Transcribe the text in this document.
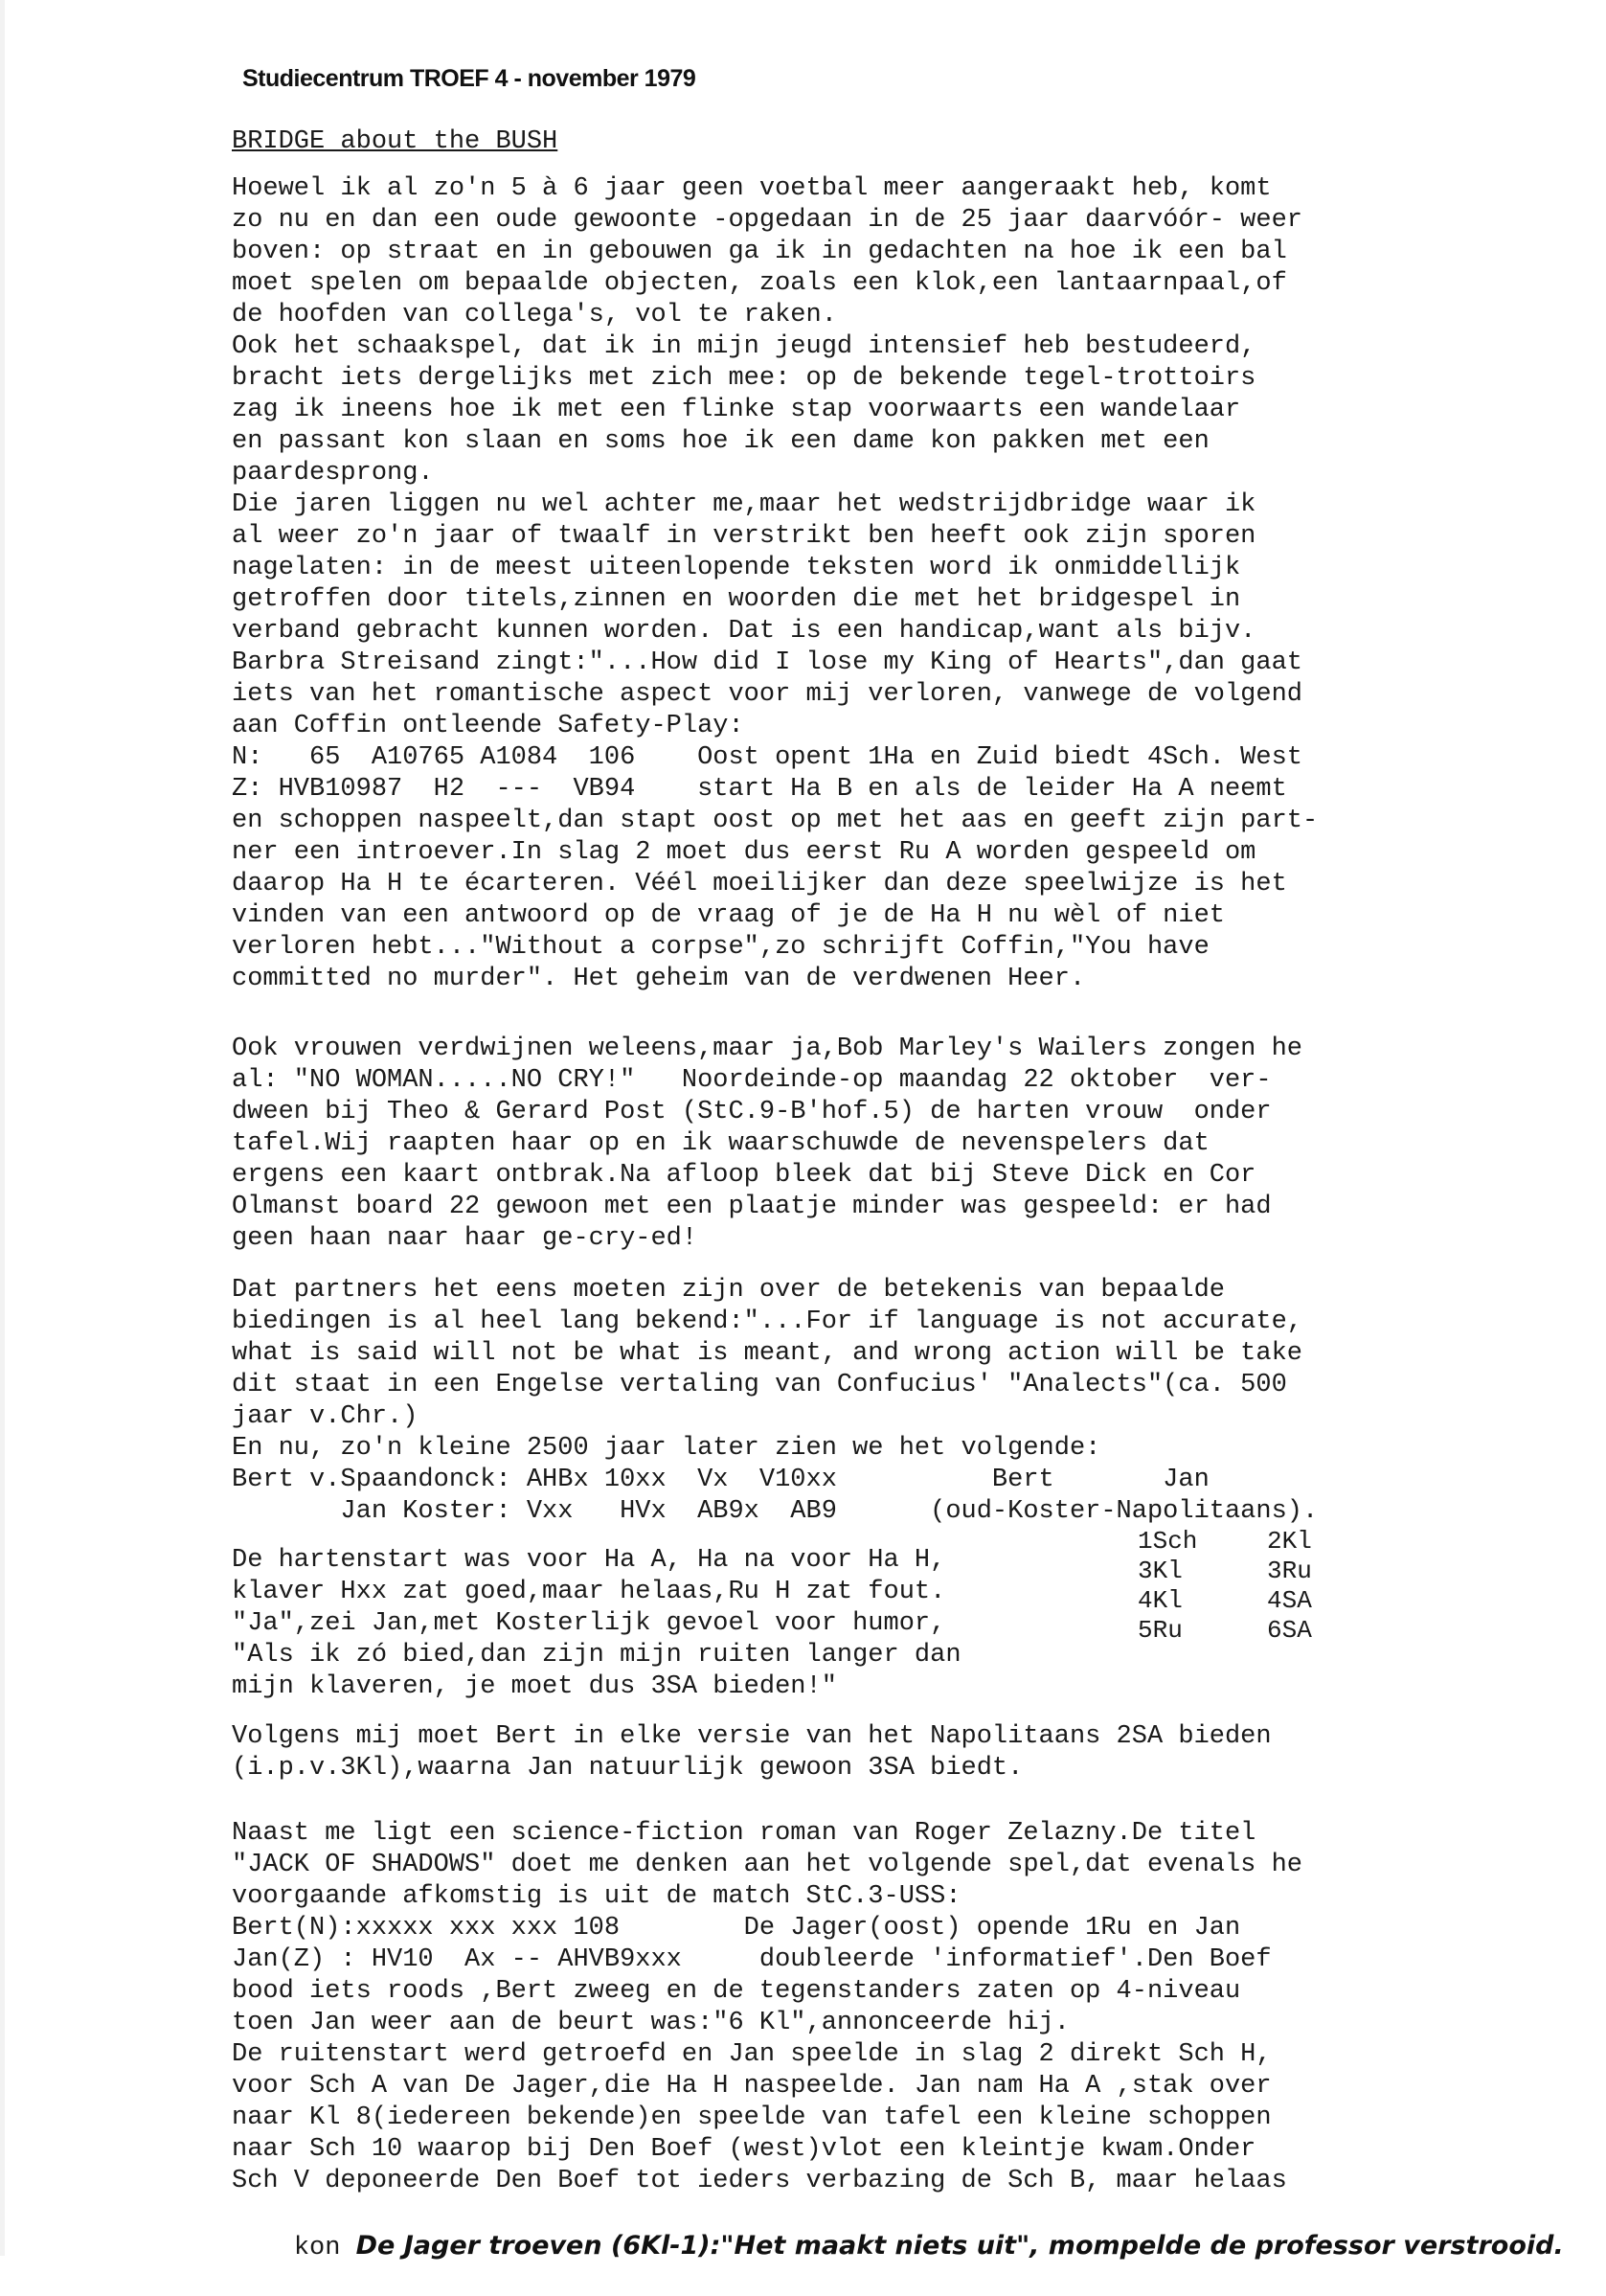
Studiecentrum TROEF 4 - november 1979
BRIDGE about the BUSH
Hoewel ik al zo'n 5 à 6 jaar geen voetbal meer aangeraakt heb, komt
zo nu en dan een oude gewoonte -opgedaan in de 25 jaar daarvóór- weer
boven: op straat en in gebouwen ga ik in gedachten na hoe ik een bal
moet spelen om bepaalde objecten, zoals een klok,een lantaarnpaal,of
de hoofden van collega's, vol te raken.
Ook het schaakspel, dat ik in mijn jeugd intensief heb bestudeerd,
bracht iets dergelijks met zich mee: op de bekende tegel-trottoirs
zag ik ineens hoe ik met een flinke stap voorwaarts een wandelaar
en passant kon slaan en soms hoe ik een dame kon pakken met een
paardesprong.
Die jaren liggen nu wel achter me,maar het wedstrijdbridge waar ik
al weer zo'n jaar of twaalf in verstrikt ben heeft ook zijn sporen
nagelaten: in de meest uiteenlopende teksten word ik onmiddellijk
getroffen door titels,zinnen en woorden die met het bridgespel in
verband gebracht kunnen worden. Dat is een handicap,want als bijv.
Barbra Streisand zingt:"...How did I lose my King of Hearts",dan gaat
iets van het romantische aspect voor mij verloren, vanwege de volgend
aan Coffin ontleende Safety-Play:
N:   65  A10765 A1084  106    Oost opent 1Ha en Zuid biedt 4Sch. West
Z: HVB10987  H2  ---  VB94    start Ha B en als de leider Ha A neemt
en schoppen naspeelt,dan stapt oost op met het aas en geeft zijn part-
ner een introever.In slag 2 moet dus eerst Ru A worden gespeeld om
daarop Ha H te écarteren. Véél moeilijker dan deze speelwijze is het
vinden van een antwoord op de vraag of je de Ha H nu wèl of niet
verloren hebt..."Without a corpse",zo schrijft Coffin,"You have
committed no murder". Het geheim van de verdwenen Heer.
Ook vrouwen verdwijnen weleens,maar ja,Bob Marley's Wailers zongen he
al: "NO WOMAN.....NO CRY!"   Noordeinde-op maandag 22 oktober  ver-
dween bij Theo & Gerard Post (StC.9-B'hof.5) de harten vrouw  onder
tafel.Wij raapten haar op en ik waarschuwde de nevenspelers dat
ergens een kaart ontbrak.Na afloop bleek dat bij Steve Dick en Cor
Olmanst board 22 gewoon met een plaatje minder was gespeeld: er had
geen haan naar haar ge-cry-ed!
Dat partners het eens moeten zijn over de betekenis van bepaalde
biedingen is al heel lang bekend:"...For if language is not accurate,
what is said will not be what is meant, and wrong action will be take
dit staat in een Engelse vertaling van Confucius' "Analects"(ca. 500
jaar v.Chr.)
En nu, zo'n kleine 2500 jaar later zien we het volgende:
Bert v.Spaandonck: AHBx 10xx  Vx  V10xx          Bert       Jan
Jan Koster: Vxx   HVx  AB9x  AB9      (oud-Koster-Napolitaans).
De hartenstart was voor Ha A, Ha na voor Ha H,
klaver Hxx zat goed,maar helaas,Ru H zat fout.
"Ja",zei Jan,met Kosterlijk gevoel voor humor,
"Als ik zó bied,dan zijn mijn ruiten langer dan
mijn klaveren, je moet dus 3SA bieden!"
1Sch	2Kl
3Kl	3Ru
4Kl	4SA
5Ru	6SA
Volgens mij moet Bert in elke versie van het Napolitaans 2SA bieden
(i.p.v.3Kl),waarna Jan natuurlijk gewoon 3SA biedt.
Naast me ligt een science-fiction roman van Roger Zelazny.De titel
"JACK OF SHADOWS" doet me denken aan het volgende spel,dat evenals he
voorgaande afkomstig is uit de match StC.3-USS:
Bert(N):xxxxx xxx xxx 108        De Jager(oost) opende 1Ru en Jan
Jan(Z) : HV10  Ax -- AHVB9xxx     doubleerde 'informatief'.Den Boef
bood iets roods ,Bert zweeg en de tegenstanders zaten op 4-niveau
toen Jan weer aan de beurt was:"6 Kl",annonceerde hij.
De ruitenstart werd getroefd en Jan speelde in slag 2 direkt Sch H,
voor Sch A van De Jager,die Ha H naspeelde. Jan nam Ha A ,stak over
naar Kl 8(iedereen bekende)en speelde van tafel een kleine schoppen
naar Sch 10 waarop bij Den Boef (west)vlot een kleintje kwam.Onder
Sch V deponeerde Den Boef tot ieders verbazing de Sch B, maar helaas

kon De Jager troeven (6Kl-1):"Het maakt niets uit", mompelde de professor verstrooid.
